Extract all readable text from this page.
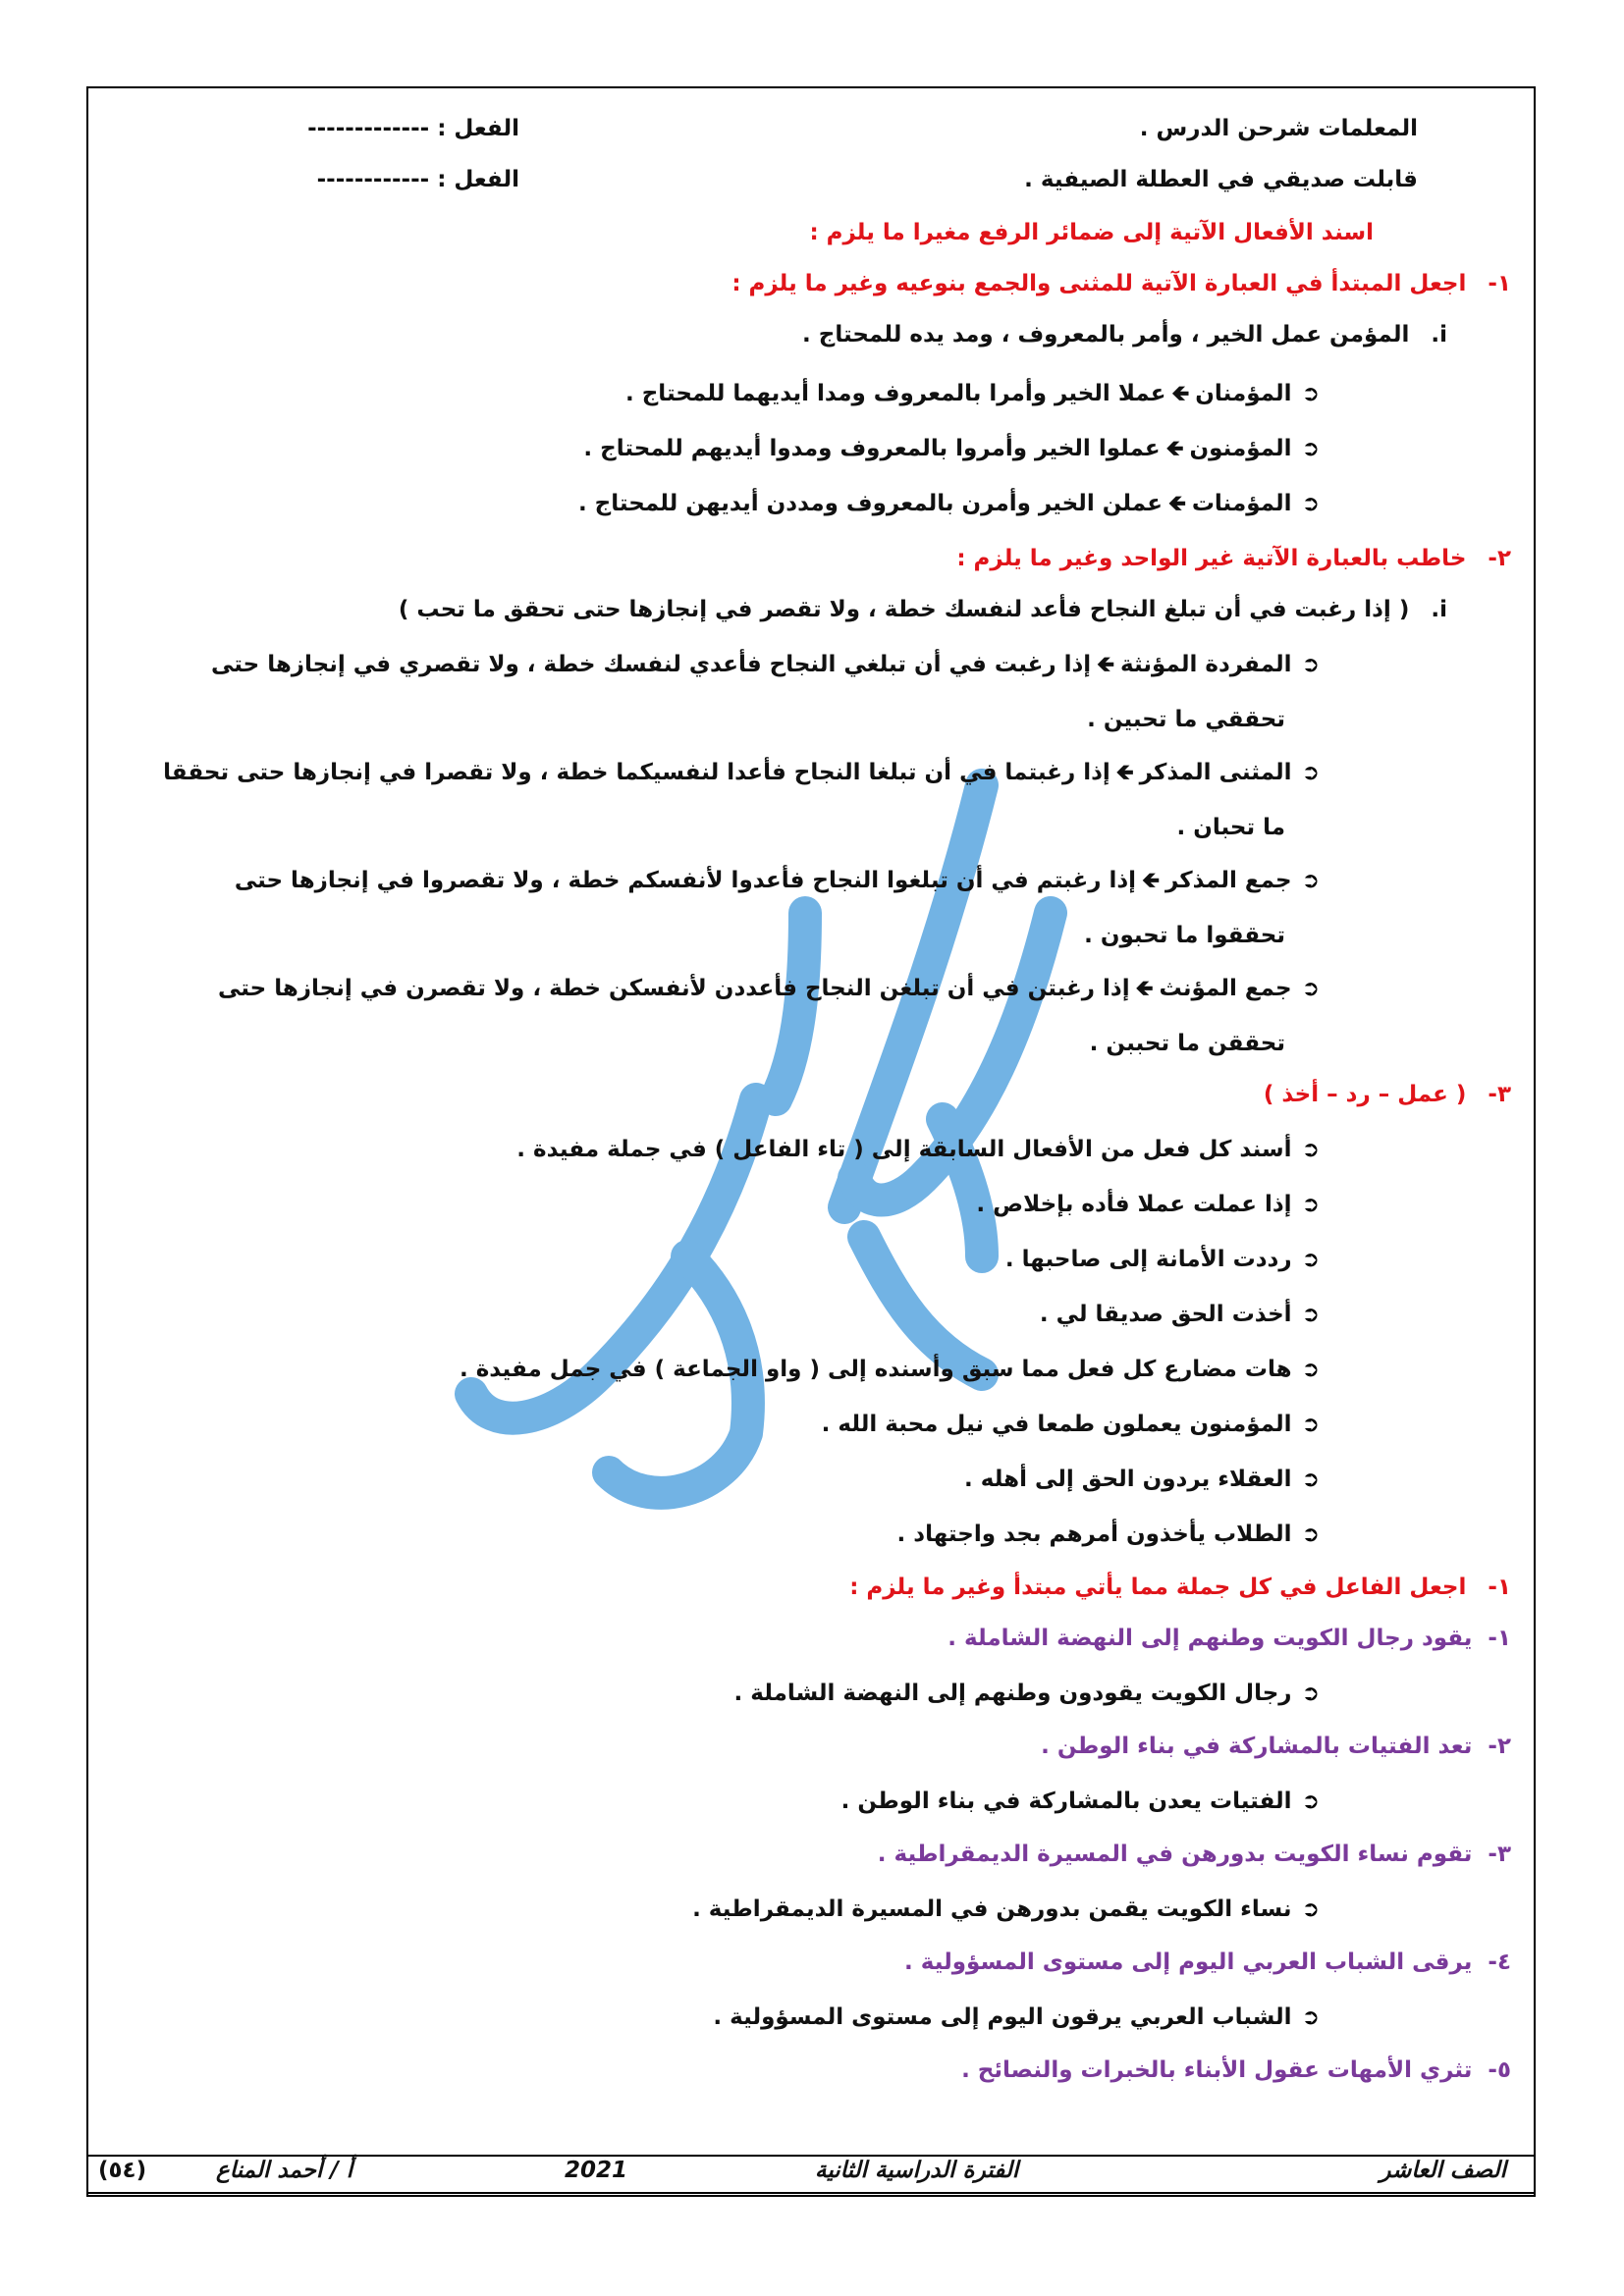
المعلمات شرحن الدرس .
الفعل : -------------
قابلت صديقي في العطلة الصيفية .
الفعل : ------------
اسند الأفعال الآتية إلى ضمائر الرفع مغيرا ما يلزم :
١- اجعل المبتدأ في العبارة الآتية للمثنى والجمع بنوعيه وغير ما يلزم :
i. المؤمن عمل الخير ، وأمر بالمعروف ، ومد يده للمحتاج .
➲المؤمنان🡸عملا الخير وأمرا بالمعروف ومدا أيديهما للمحتاج .
➲المؤمنون🡸عملوا الخير وأمروا بالمعروف ومدوا أيديهم للمحتاج .
➲المؤمنات🡸عملن الخير وأمرن بالمعروف ومددن أيديهن للمحتاج .
٢- خاطب بالعبارة الآتية غير الواحد وغير ما يلزم :
i. ( إذا رغبت في أن تبلغ النجاح فأعد لنفسك خطة ، ولا تقصر في إنجازها حتى تحقق ما تحب )
➲المفردة المؤنثة🡸إذا رغبت في أن تبلغي النجاح فأعدي لنفسك خطة ، ولا تقصري في إنجازها حتى
تحققي ما تحبين .
➲المثنى المذكر🡸إذا رغبتما في أن تبلغا النجاح فأعدا لنفسيكما خطة ، ولا تقصرا في إنجازها حتى تحققا
ما تحبان .
➲جمع المذكر🡸إذا رغبتم في أن تبلغوا النجاح فأعدوا لأنفسكم خطة ، ولا تقصروا في إنجازها حتى
تحققوا ما تحبون .
➲جمع المؤنث🡸إذا رغبتن في أن تبلغن النجاح فأعددن لأنفسكن خطة ، ولا تقصرن في إنجازها حتى
تحققن ما تحببن .
٣- ( عمل – رد – أخذ )
➲أسند كل فعل من الأفعال السابقة إلى ( تاء الفاعل ) في جملة مفيدة .
➲إذا عملت عملا فأده بإخلاص .
➲رددت الأمانة إلى صاحبها .
➲أخذت الحق صديقا لي .
➲هات مضارع كل فعل مما سبق وأسنده إلى ( واو الجماعة ) في جمل مفيدة .
➲المؤمنون يعملون طمعا في نيل محبة الله .
➲العقلاء يردون الحق إلى أهله .
➲الطلاب يأخذون أمرهم بجد واجتهاد .
١- اجعل الفاعل في كل جملة مما يأتي مبتدأ وغير ما يلزم :
١-يقود رجال الكويت وطنهم إلى النهضة الشاملة .
➲رجال الكويت يقودون وطنهم إلى النهضة الشاملة .
٢-تعد الفتيات بالمشاركة في بناء الوطن .
➲الفتيات يعدن بالمشاركة في بناء الوطن .
٣-تقوم نساء الكويت بدورهن في المسيرة الديمقراطية .
➲نساء الكويت يقمن بدورهن في المسيرة الديمقراطية .
٤-يرقى الشباب العربي اليوم إلى مستوى المسؤولية .
➲الشباب العربي يرقون اليوم إلى مستوى المسؤولية .
٥-تثري الأمهات عقول الأبناء بالخبرات والنصائح .
الصف العاشر
الفترة الدراسية الثانية
2021
أ / أحمد المناع
(٥٤)
